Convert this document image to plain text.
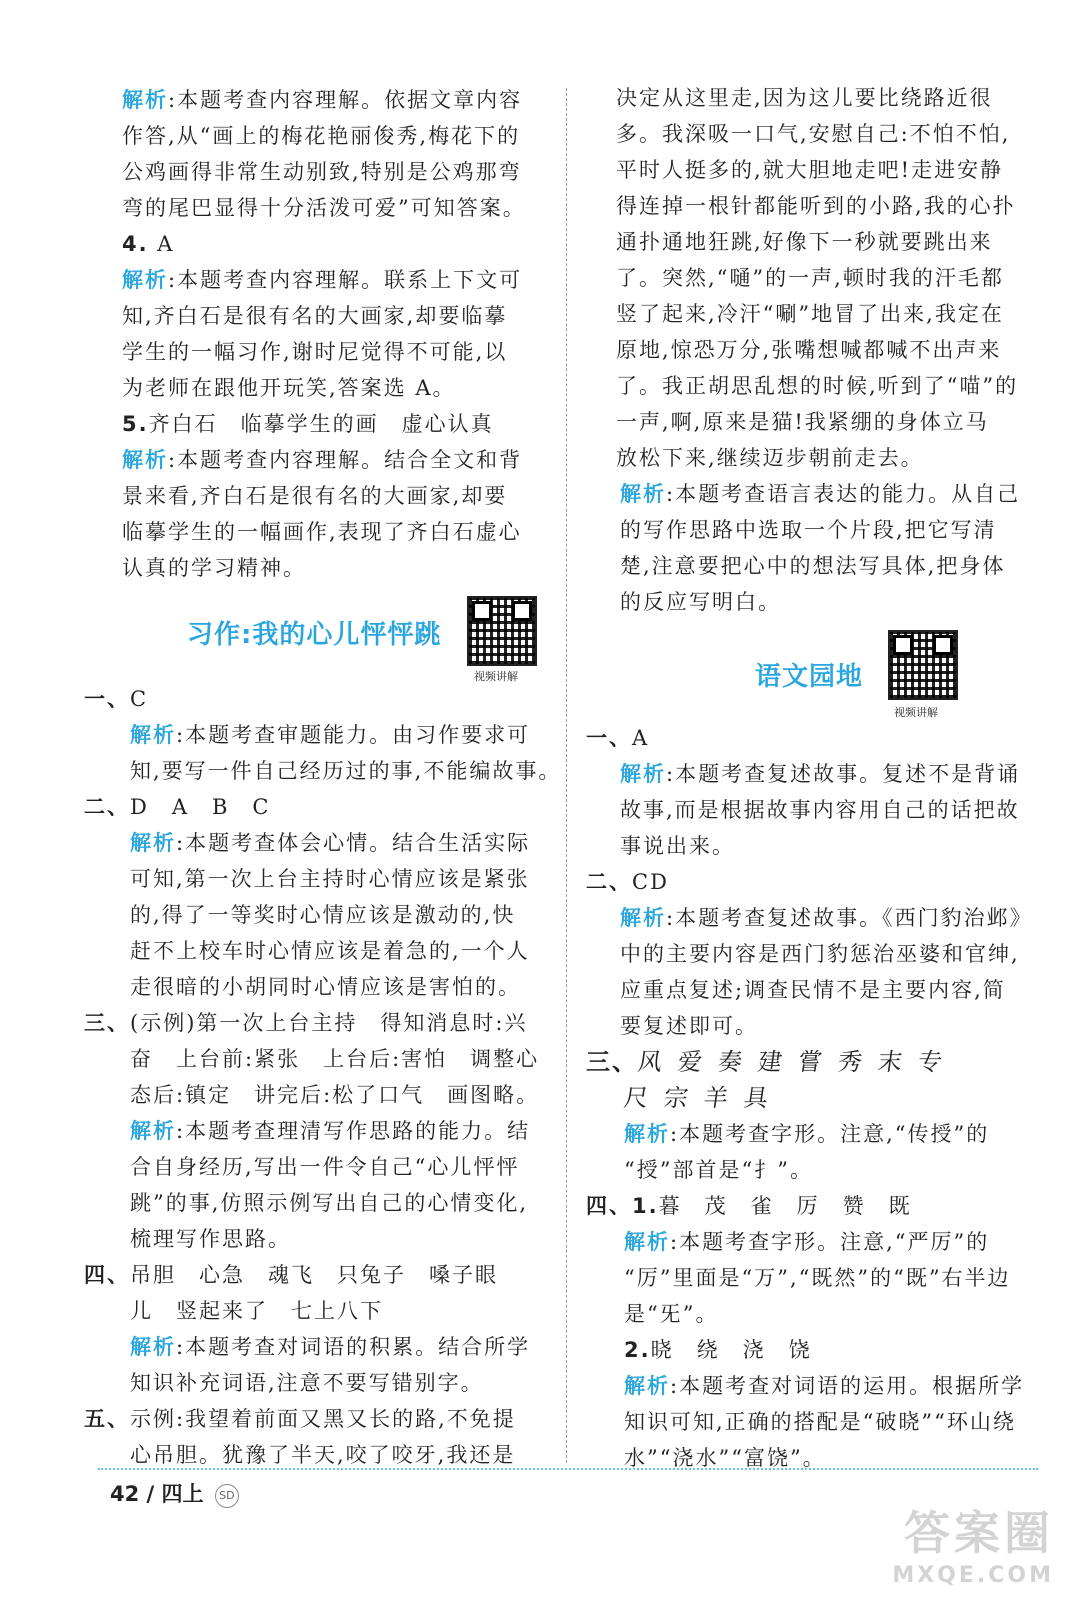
解析:本题考查内容理解。依据文章内容
作答,从“画上的梅花艳丽俊秀,梅花下的
公鸡画得非常生动别致,特别是公鸡那弯
弯的尾巴显得十分活泼可爱”可知答案。
4. A
解析:本题考查内容理解。联系上下文可
知,齐白石是很有名的大画家,却要临摹
学生的一幅习作,谢时尼觉得不可能,以
为老师在跟他开玩笑,答案选 A。
5.齐白石　临摹学生的画　虚心认真
解析:本题考查内容理解。结合全文和背
景来看,齐白石是很有名的大画家,却要
临摹学生的一幅画作,表现了齐白石虚心
认真的学习精神。
习作:我的心儿怦怦跳
视频讲解
一、C
解析:本题考查审题能力。由习作要求可
知,要写一件自己经历过的事,不能编故事。
二、D　A　B　C
解析:本题考查体会心情。结合生活实际
可知,第一次上台主持时心情应该是紧张
的,得了一等奖时心情应该是激动的,快
赶不上校车时心情应该是着急的,一个人
走很暗的小胡同时心情应该是害怕的。
三、(示例)第一次上台主持　得知消息时:兴
奋　上台前:紧张　上台后:害怕　调整心
态后:镇定　讲完后:松了口气　画图略。
解析:本题考查理清写作思路的能力。结
合自身经历,写出一件令自己“心儿怦怦
跳”的事,仿照示例写出自己的心情变化,
梳理写作思路。
四、吊胆　心急　魂飞　只兔子　嗓子眼
儿　竖起来了　七上八下
解析:本题考查对词语的积累。结合所学
知识补充词语,注意不要写错别字。
五、示例:我望着前面又黑又长的路,不免提
心吊胆。犹豫了半天,咬了咬牙,我还是
决定从这里走,因为这儿要比绕路近很
多。我深吸一口气,安慰自己:不怕不怕,
平时人挺多的,就大胆地走吧!走进安静
得连掉一根针都能听到的小路,我的心扑
通扑通地狂跳,好像下一秒就要跳出来
了。突然,“嗵”的一声,顿时我的汗毛都
竖了起来,冷汗“唰”地冒了出来,我定在
原地,惊恐万分,张嘴想喊都喊不出声来
了。我正胡思乱想的时候,听到了“喵”的
一声,啊,原来是猫!我紧绷的身体立马
放松下来,继续迈步朝前走去。
解析:本题考查语言表达的能力。从自己
的写作思路中选取一个片段,把它写清
楚,注意要把心中的想法写具体,把身体
的反应写明白。
语文园地
视频讲解
一、A
解析:本题考查复述故事。复述不是背诵
故事,而是根据故事内容用自己的话把故
事说出来。
二、CD
解析:本题考查复述故事。《西门豹治邺》
中的主要内容是西门豹惩治巫婆和官绅,
应重点复述;调查民情不是主要内容,简
要复述即可。
三、风 爱 奏 建 嘗 秀 末 专
尺 宗 羊 具
解析:本题考查字形。注意,“传授”的
“授”部首是“扌”。
四、1.暮　茂　雀　厉　赞　既
解析:本题考查字形。注意,“严厉”的
“厉”里面是“万”,“既然”的“既”右半边
是“旡”。
2.晓　绕　浇　饶
解析:本题考查对词语的运用。根据所学
知识可知,正确的搭配是“破晓”“环山绕
水”“浇水”“富饶”。
42 / 四上 SD
答案圈
MXQE.COM
